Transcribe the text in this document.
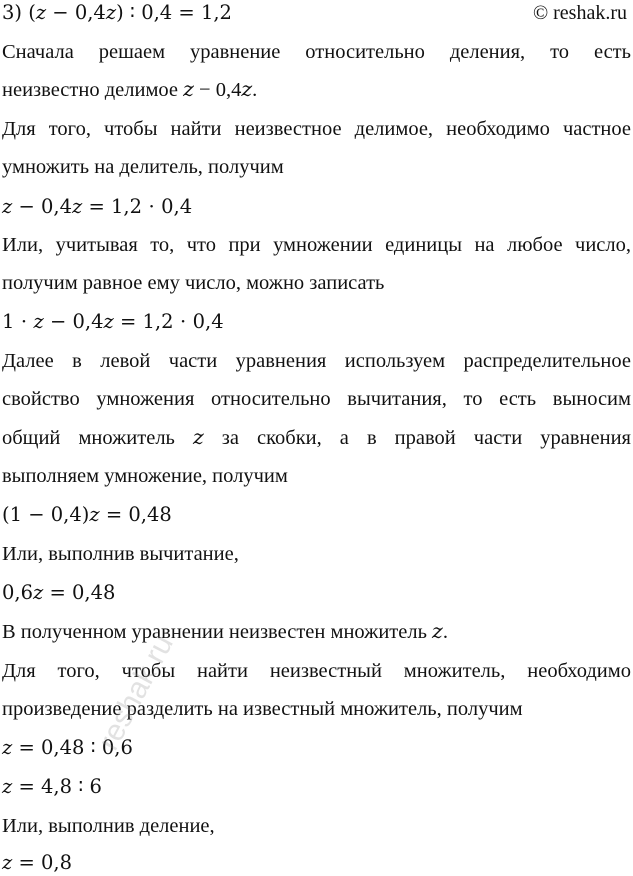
3) (𝑧 − 0,4𝑧) ∶ 0,4 = 1,2	© reshak.ru
Сначала решаем уравнение относительно деления, то есть
неизвестно делимое 𝑧 − 0,4𝑧.
Для того, чтобы найти неизвестное делимое, необходимо частное
умножить на делитель, получим
𝑧 − 0,4𝑧 = 1,2 ⋅ 0,4
Или, учитывая то, что при умножении единицы на любое число,
получим равное ему число, можно записать
1 ⋅ 𝑧 − 0,4𝑧 = 1,2 ⋅ 0,4
Далее в левой части уравнения используем распределительное
свойство умножения относительно вычитания, то есть выносим
общий множитель 𝑧 за скобки, а в правой части уравнения
выполняем умножение, получим
(1 − 0,4)𝑧 = 0,48
Или, выполнив вычитание,
0,6𝑧 = 0,48
В полученном уравнении неизвестен множитель 𝑧.
Для того, чтобы найти неизвестный множитель, необходимо
произведение разделить на известный множитель, получим
𝑧 = 0,48 ∶ 0,6
𝑧 = 4,8 ∶ 6
Или, выполнив деление,
𝑧 = 0,8
reshak.ru
